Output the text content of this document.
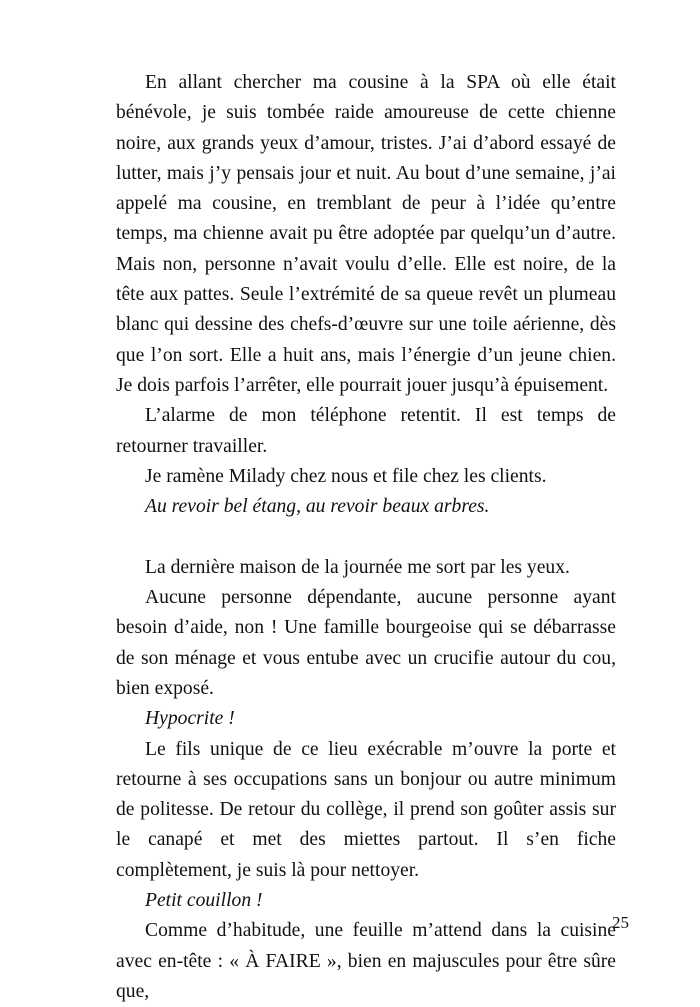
En allant chercher ma cousine à la SPA où elle était bénévole, je suis tombée raide amoureuse de cette chienne noire, aux grands yeux d’amour, tristes. J’ai d’abord essayé de lutter, mais j’y pensais jour et nuit. Au bout d’une semaine, j’ai appelé ma cousine, en tremblant de peur à l’idée qu’entre temps, ma chienne avait pu être adoptée par quelqu’un d’autre. Mais non, personne n’avait voulu d’elle. Elle est noire, de la tête aux pattes. Seule l’extrémité de sa queue revêt un plumeau blanc qui dessine des chefs-d’œuvre sur une toile aérienne, dès que l’on sort. Elle a huit ans, mais l’énergie d’un jeune chien. Je dois parfois l’arrêter, elle pourrait jouer jusqu’à épuisement.

L’alarme de mon téléphone retentit. Il est temps de retourner travailler.

Je ramène Milady chez nous et file chez les clients.

Au revoir bel étang, au revoir beaux arbres.

La dernière maison de la journée me sort par les yeux.

Aucune personne dépendante, aucune personne ayant besoin d’aide, non ! Une famille bourgeoise qui se débarrasse de son ménage et vous entube avec un crucifie autour du cou, bien exposé.

Hypocrite !

Le fils unique de ce lieu exécrable m’ouvre la porte et retourne à ses occupations sans un bonjour ou autre minimum de politesse. De retour du collège, il prend son goûter assis sur le canapé et met des miettes partout. Il s’en fiche complètement, je suis là pour nettoyer.

Petit couillon !

Comme d’habitude, une feuille m’attend dans la cuisine avec en-tête : « À FAIRE », bien en majuscules pour être sûre que,

25
